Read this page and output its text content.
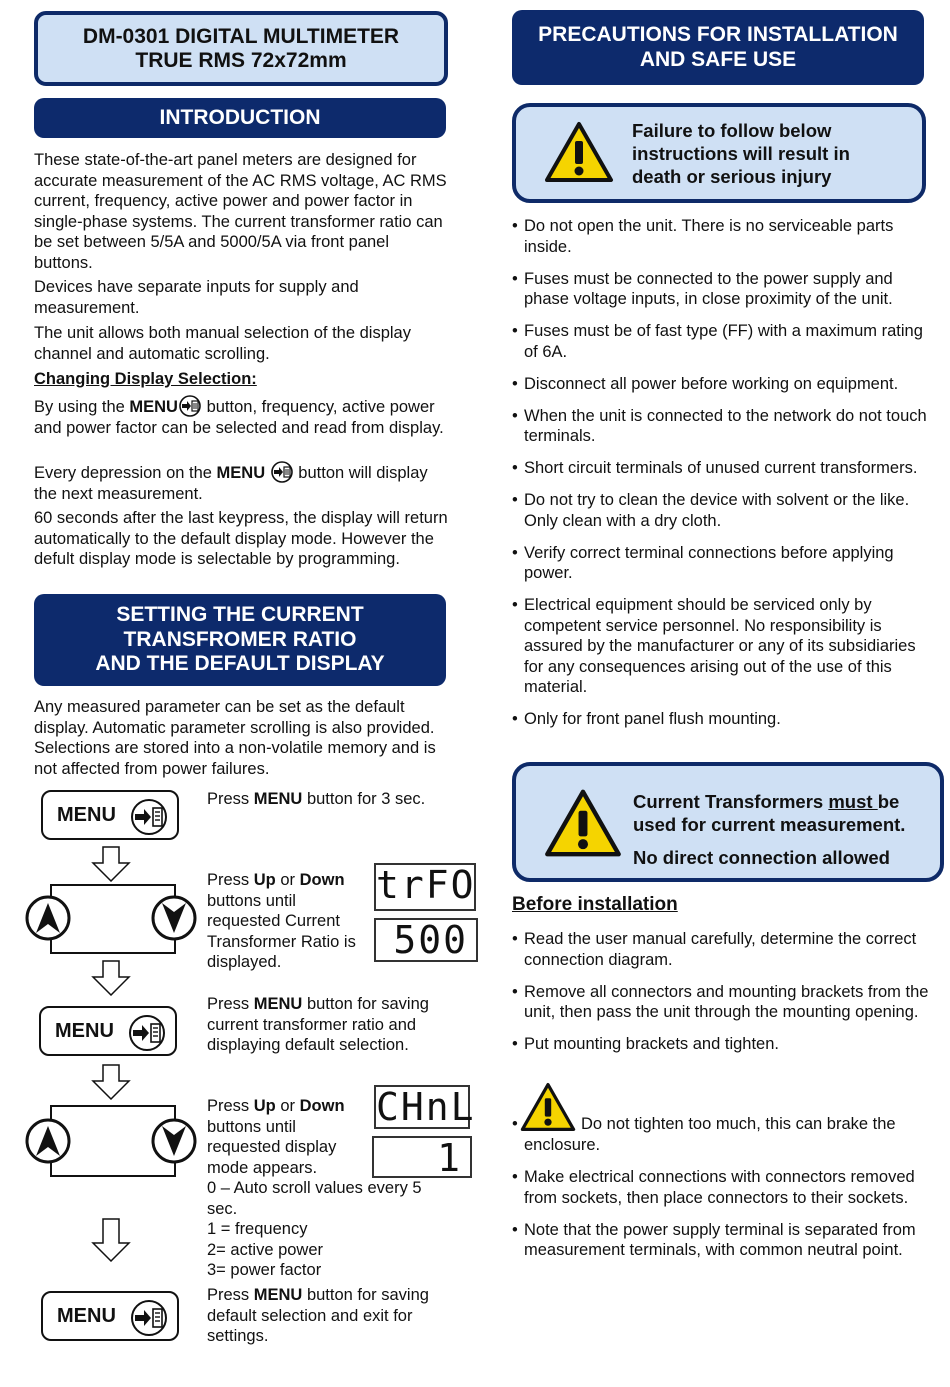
DM-0301 DIGITAL MULTIMETER
TRUE RMS 72x72mm
INTRODUCTION

These state-of-the-art panel meters are designed for accurate measurement of the AC RMS voltage, AC RMS current, frequency, active power and power factor in single-phase systems. The current transformer ratio can be set between 5/5A and 5000/5A via front panel buttons.

Devices have separate inputs for supply and measurement.

The unit allows both manual selection of the display channel and automatic scrolling.

Changing Display Selection:

By using the MENU button, frequency, active power and power factor can be selected and read from display.

Every depression on the MENU  button will display the next measurement.

60 seconds after the last keypress, the display will return automatically to the default display mode. However the defult display mode is selectable by programming.

SETTING THE CURRENT
TRANSFROMER RATIO
AND THE DEFAULT DISPLAY

Any measured parameter can be set as the default display. Automatic parameter scrolling is also provided. Selections are stored into a non-volatile memory and is not affected from power failures.

MENU

Press MENU button for 3 sec.

Press Up or Down buttons until requested Current Transformer Ratio is displayed.

trFO
500
MENU

Press MENU button for saving current transformer ratio and displaying default selection.

Press Up or Down buttons until requested display mode appears.

0 – Auto scroll values every 5 sec.

1 = frequency

2= active power

3= power factor

CHnL
1
MENU

Press MENU button for saving default selection and exit for settings.

PRECAUTIONS FOR INSTALLATION
AND SAFE USE
Failure to follow below
instructions will result in
death or serious injury
• Do not open the unit. There is no serviceable parts inside.
• Fuses must be connected to the power supply and phase voltage inputs, in close proximity of the unit.
• Fuses must be of fast type (FF) with a maximum rating of 6A.
• Disconnect all power before working on equipment.
• When the unit is connected to the network do not touch terminals.
• Short circuit terminals of unused current transformers.
• Do not try to clean the device with solvent or the like. Only clean with a dry cloth.
• Verify correct terminal connections before applying power.
• Electrical equipment should be serviced only by competent service personnel. No responsibility is assured by the manufacturer or any of its subsidiaries for any consequences arising out of the use of this material.
• Only for front panel flush mounting.
Current Transformers must be used for current measurement.
No direct connection allowed

Before installation

• Read the user manual carefully, determine the correct connection diagram.
• Remove all connectors and mounting brackets from the unit, then pass the unit through the mounting opening.
• Put mounting brackets and tighten.
• Do not tighten too much, this can brake the enclosure.
• Make electrical connections with connectors removed from sockets, then place connectors to their sockets.
• Note that the power supply terminal is separated from measurement terminals, with common neutral point.
